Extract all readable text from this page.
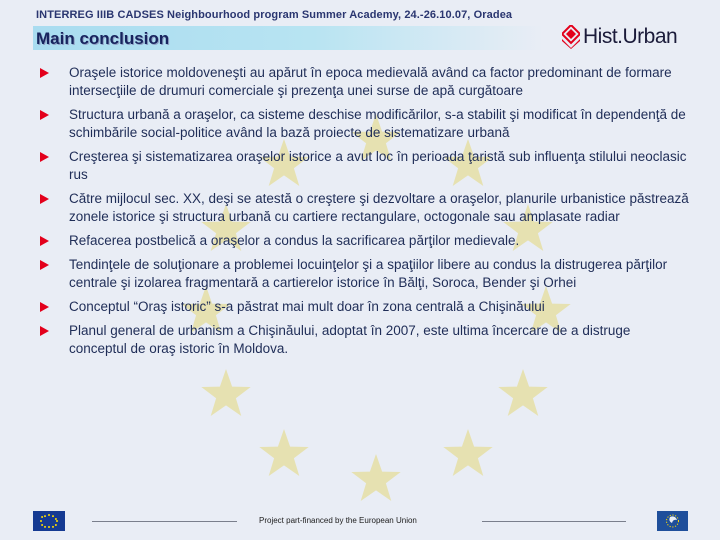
INTERREG IIIB CADSES Neighbourhood program Summer Academy, 24.-26.10.07, Oradea
Main conclusion	Hist.Urban
Oraşele istorice moldoveneşti au apărut în epoca medievală având ca factor predominant de formare intersecţiile de drumuri comerciale şi prezenţa unei surse de apă curgătoare
Structura urbană a oraşelor, ca sisteme deschise modificărilor, s-a stabilit şi modificat în dependenţă de schimbările social-politice având la bază proiecte de sistematizare urbană
Creşterea şi sistematizarea oraşelor istorice a avut loc în perioada ţaristă sub influenţa stilului neoclasic rus
Către mijlocul sec. XX, deşi se atestă o creştere şi dezvoltare a oraşelor, planurile urbanistice păstrează zonele istorice şi structura urbană cu cartiere rectangulare, octogonale sau amplasate radiar
Refacerea postbelică a oraşelor a condus la sacrificarea părţilor medievale.
Tendinţele de soluţionare a problemei locuinţelor şi a spaţiilor libere au condus la distrugerea părţilor centrale şi izolarea fragmentară a cartierelor istorice în Bălţi, Soroca, Bender şi Orhei
Conceptul “Oraş istoric” s-a păstrat mai mult doar în zona centrală a Chişinăului
Planul general de urbanism a Chişinăului, adoptat în 2007, este ultima încercare de a distruge conceptul de oraş istoric în Moldova.
Project part-financed by the European Union
